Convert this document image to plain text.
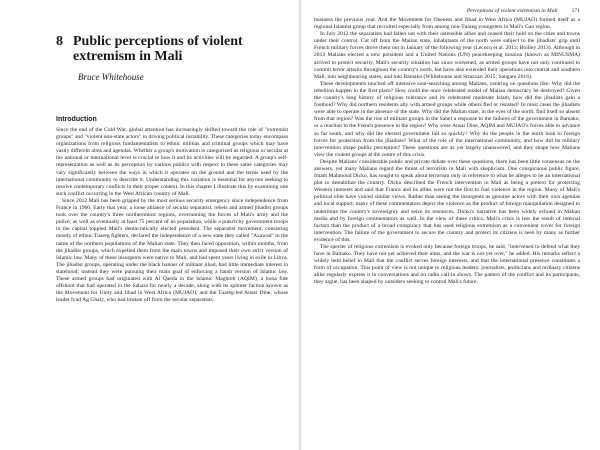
8 Public perceptions of violent extremism in Mali
Bruce Whitehouse
Introduction

Since the end of the Cold War, global attention has increasingly shifted toward the role of "extremist groups" and "violent non-state actors" in driving political instability. These categories today encompass organizations from religious fundamentalists to ethnic militias and criminal groups which may have vastly different aims and agendas. Whether a group's motivation is categorized as religious or secular at the national or international level is crucial to how it and its activities will be regarded. A group's self-representation as well as its perception by various publics with respect to these same categories may vary significantly between the ways in which it operates on the ground and the terms used by the international community to describe it. Understanding this variation is essential for anyone seeking to resolve contemporary conflicts in their proper context. In this chapter I illustrate this by examining one such conflict occurring in the West African country of Mali.

Since 2012 Mali has been gripped by the most serious security emergency since independence from France in 1960. Early that year, a loose alliance of secular separatist, rebels and armed jihadist groups took over the country's three northernmost regions, overrunning the forces of Mali's army and the police, as well as eventually at least 75 percent of its population, while a putsch by government troops in the capital toppled Mali's democratically elected president. The separatist movement, consisting mostly of ethnic Tuareg fighters, declared the independence of a new state they called "Azawad" in the name of the northern populations of the Malian state. They then faced opposition, within months, from the jihadist groups, which expelled them from the main towns and imposed their own strict version of Islamic law. Many of these insurgents were native to Mali, and had spent years living in exile in Libya. The jihadist groups, operating under the black banner of militant jihad, had little immediate interest in statehood; instead they were pursuing their main goal of enforcing a harsh version of Islamic law. These armed groups had originated with Al Qaeda in the Islamic Maghreb (AQIM), a bona fide offshoot that had operated in the Sahara for nearly a decade, along with its splinter faction known as the Movement for Unity and Jihad in West Africa (MUJAO), and the Tuareg-led Ansar Dine, whose leader Iyad Ag Ghaly, who had broken off from the secular separatists.

Perceptions of violent extremism in Mali	171

business the previous year. And the Movement for Oneness and Jihad in West Africa (MUJAO) formed itself as a regional Islamist group that recruited especially from among non-Tuareg youngsters in Mali's Gao region.

In July 2012 the separatists had fallen out with their ostensible allies and ceased their hold on the cities and towns under their control. Cut off from the Malian state, inhabitants of the north were subject to the jihadists' grip until French military forces drove them out in January of the following year (Lecocq et al. 2013; Boilley 2013). Although in 2013 Malians elected a new president and a United Nations (UN) peacekeeping mission (known as MINUSMA) arrived to protect security, Mali's security situation has since worsened, as armed groups have not only continued to commit terror attacks throughout the country's north, but have also extended their operations into central and southern Mali, into neighbouring states, and into Bamako (Whitehouse and Strazzari 2015; Sangare 2016).

These developments touched off intensive soul-searching among Malians, centring on questions like: Why did the rebellion happen in the first place? How could the once celebrated model of Malian democracy be destroyed? Given the country's long history of religious tolerance and its celebrated moderate Islam, how did the jihadists gain a foothold? Why did northern residents ally with armed groups while others fled or resisted? In most cases the jihadists were able to operate in the absence of the state. Why did the Malian state, in the eyes of the north, find itself so absent from that region? Was the rise of militant groups in the Sahel a response to the failures of the government in Bamako, or a reaction to the French presence in the region? Why were Ansar Dine, AQIM and MUJAO's forces able to advance so far south, and why did the elected government fall so quickly? Why do the people in the north look to foreign forces for protection from the jihadists? What of the role of the international community, and how did its military intervention shape public perception? These questions are as yet largely unanswered, and they shape how Malians view the violent groups at the centre of this crisis.

Despite Malians' considerable public and private debate over these questions, there has been little consensus on the answers, yet many Malians regard the threat of terrorism in Mali with skepticism. One conspicuous public figure, Imam Mahmoud Dicko, has sought to speak about terrorism only in reference to what he alleges to be an international plot to destabilize the country. Dicko described the French intervention in Mali as being a pretext for protecting Western interests and said that France and its allies were not the first to fuel violence in the region. Many of Mali's political elite have voiced similar views. Rather than seeing the insurgents as genuine actors with their own agendas and local support, many of these commentators depict the violence as the product of foreign manipulation designed to undermine the country's sovereignty and seize its resources. Dicko's narrative has been widely echoed in Malian media and by foreign commentators as well. In the view of these critics, Mali's crisis is less the result of internal factors than the product of a broad conspiracy that has used religious extremism as a convenient cover for foreign intervention. The failure of the government to secure the country and protect its citizens is seen by many as further evidence of this.

The specter of religious extremism is evoked only because foreign troops, he said, "intervened to defend what they have in Bamako. They have not yet achieved their aims, and the war is not yet over," he added. His remarks reflect a widely held belief in Mali that the conflict serves foreign interests, and that the international presence constitutes a form of occupation. This point of view is not unique to religious leaders: journalists, politicians and ordinary citizens alike regularly express it in conversations and on radio call-in shows. The pattern of the conflict and its participants, they argue, has been shaped by outsiders seeking to control Mali's future.
